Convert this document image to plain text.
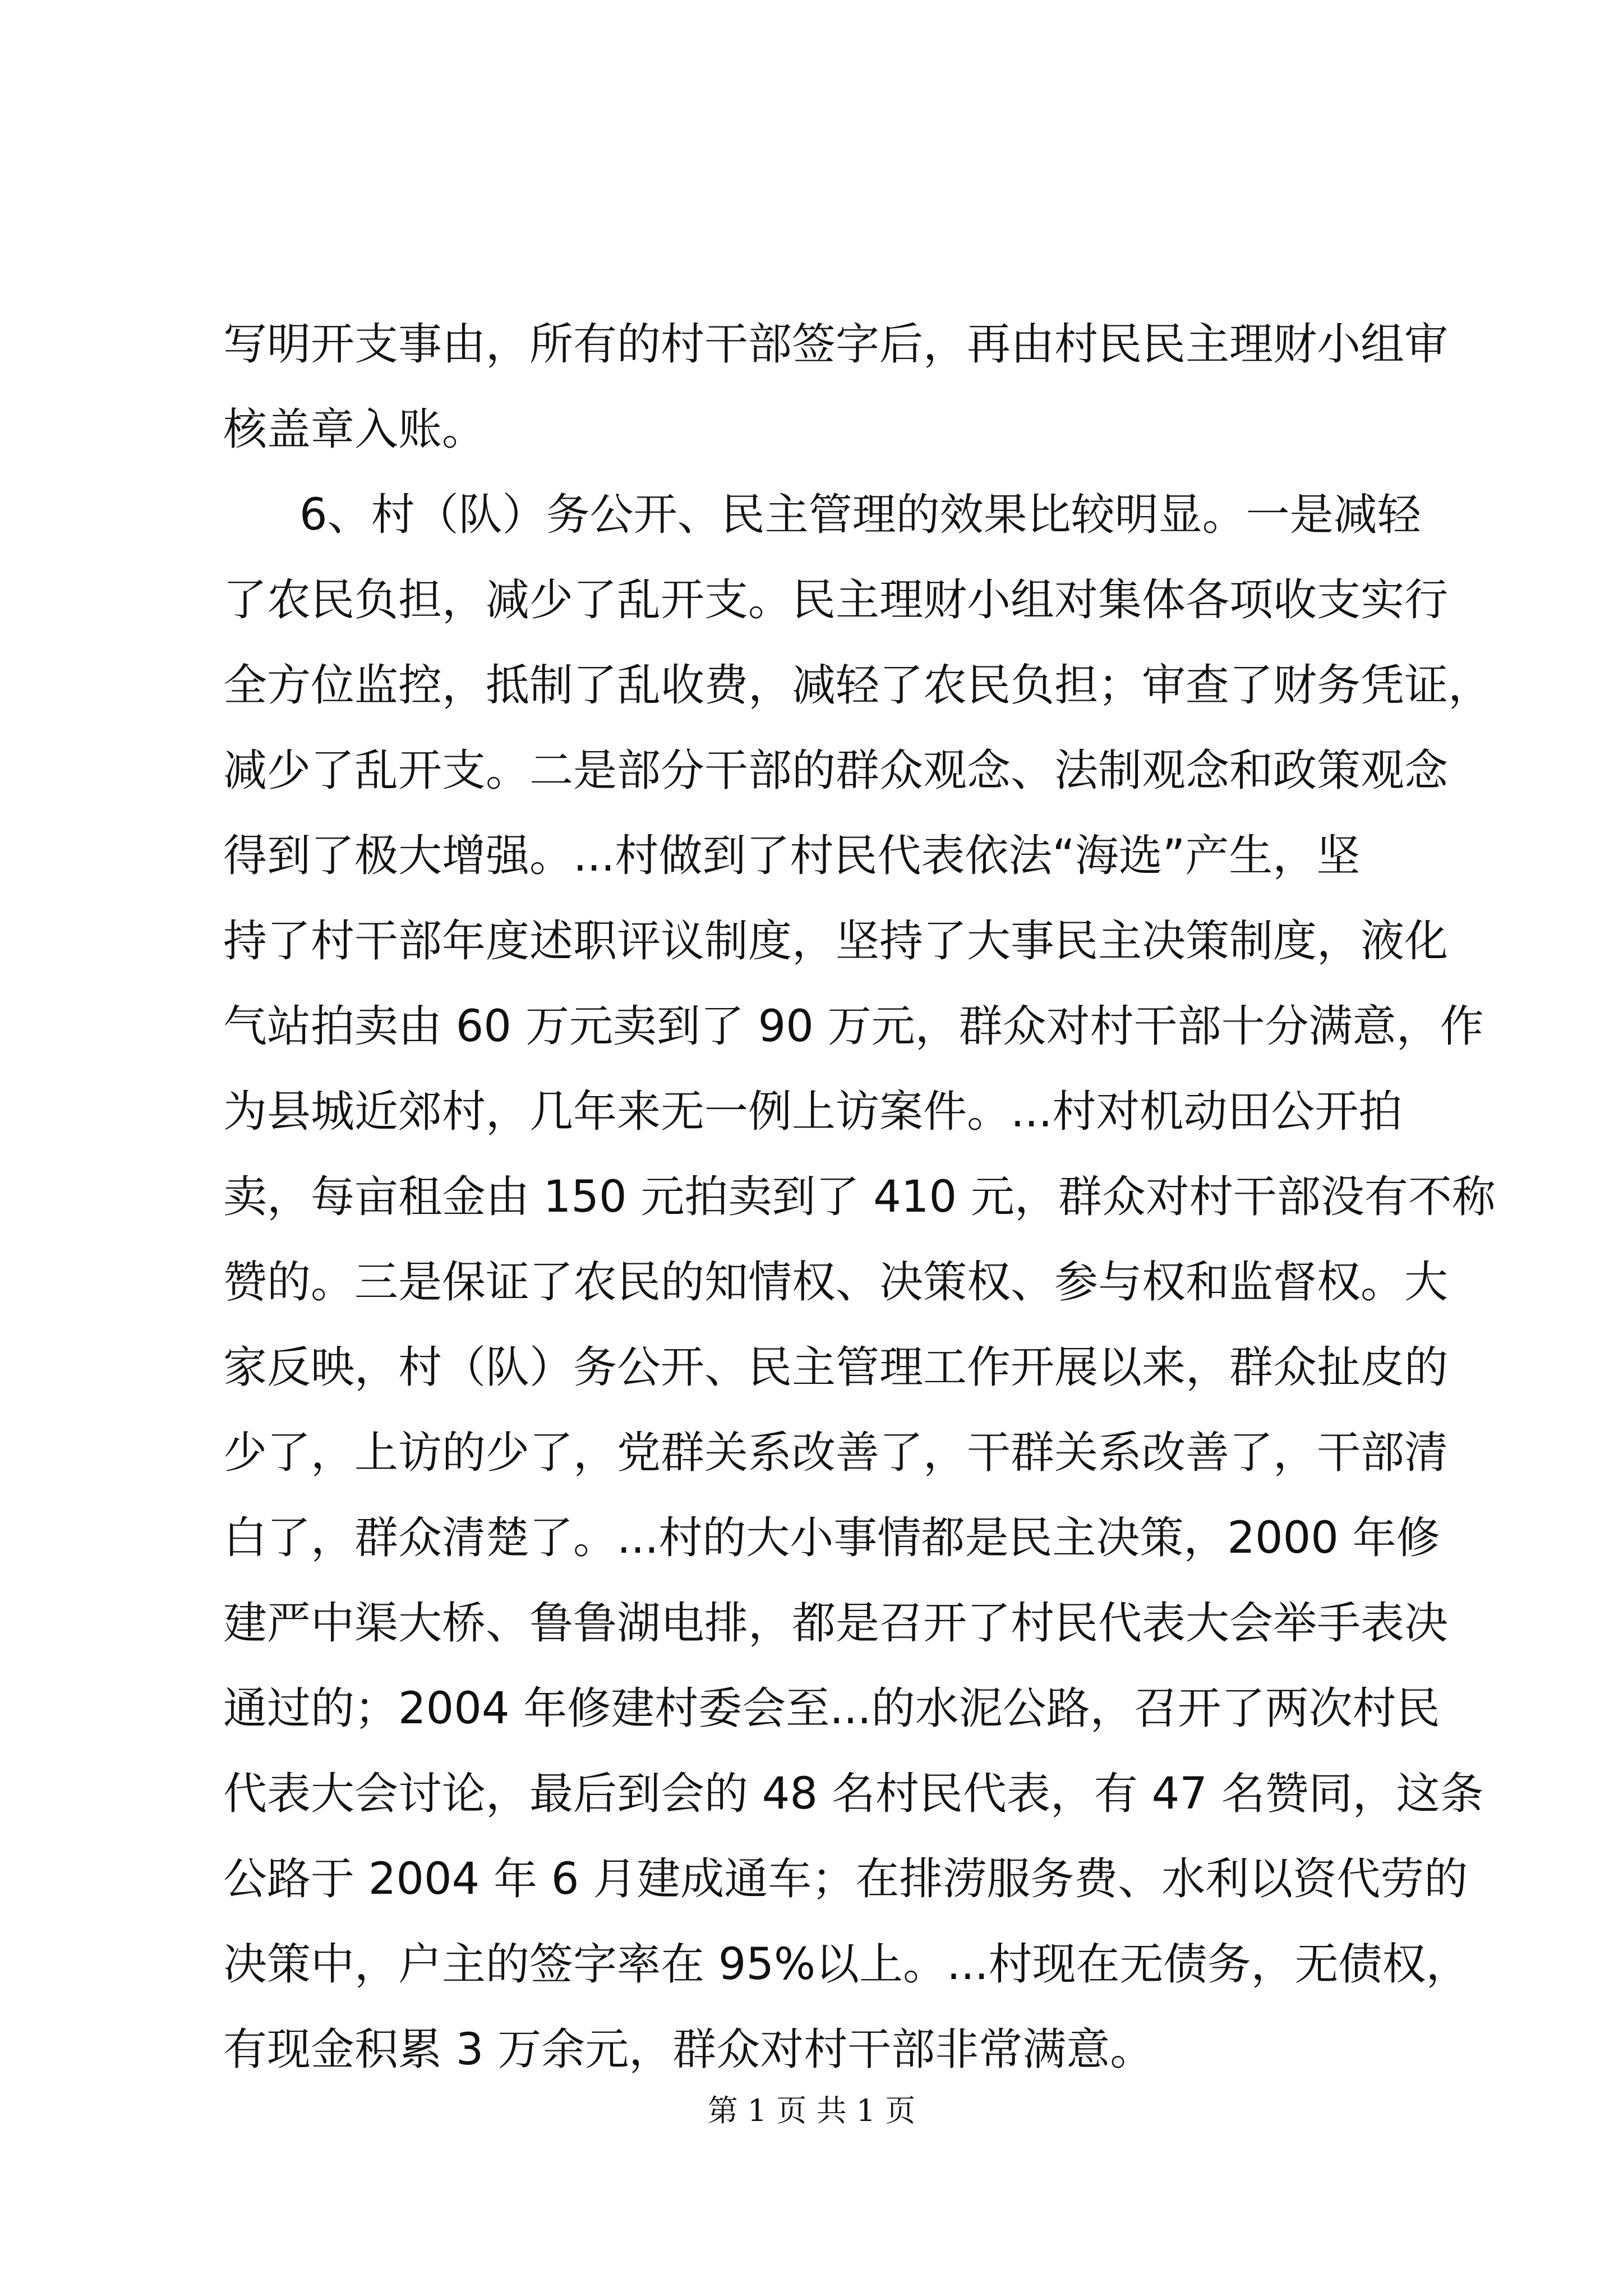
写明开支事由，所有的村干部签字后，再由村民民主理财小组审
核盖章入账。
6、村（队）务公开、民主管理的效果比较明显。一是减轻
了农民负担，减少了乱开支。民主理财小组对集体各项收支实行
全方位监控，抵制了乱收费，减轻了农民负担；审查了财务凭证，
减少了乱开支。二是部分干部的群众观念、法制观念和政策观念
得到了极大增强。...村做到了村民代表依法“海选”产生，坚
持了村干部年度述职评议制度，坚持了大事民主决策制度，液化
气站拍卖由 60 万元卖到了 90 万元，群众对村干部十分满意，作
为县城近郊村，几年来无一例上访案件。...村对机动田公开拍
卖，每亩租金由 150 元拍卖到了 410 元，群众对村干部没有不称
赞的。三是保证了农民的知情权、决策权、参与权和监督权。大
家反映，村（队）务公开、民主管理工作开展以来，群众扯皮的
少了，上访的少了，党群关系改善了，干群关系改善了，干部清
白了，群众清楚了。...村的大小事情都是民主决策，2000 年修
建严中渠大桥、鲁鲁湖电排，都是召开了村民代表大会举手表决
通过的；2004 年修建村委会至...的水泥公路，召开了两次村民
代表大会讨论，最后到会的 48 名村民代表，有 47 名赞同，这条
公路于 2004 年 6 月建成通车；在排涝服务费、水利以资代劳的
决策中，户主的签字率在 95%以上。...村现在无债务，无债权，
有现金积累 3 万余元，群众对村干部非常满意。
第 1 页 共 1 页
